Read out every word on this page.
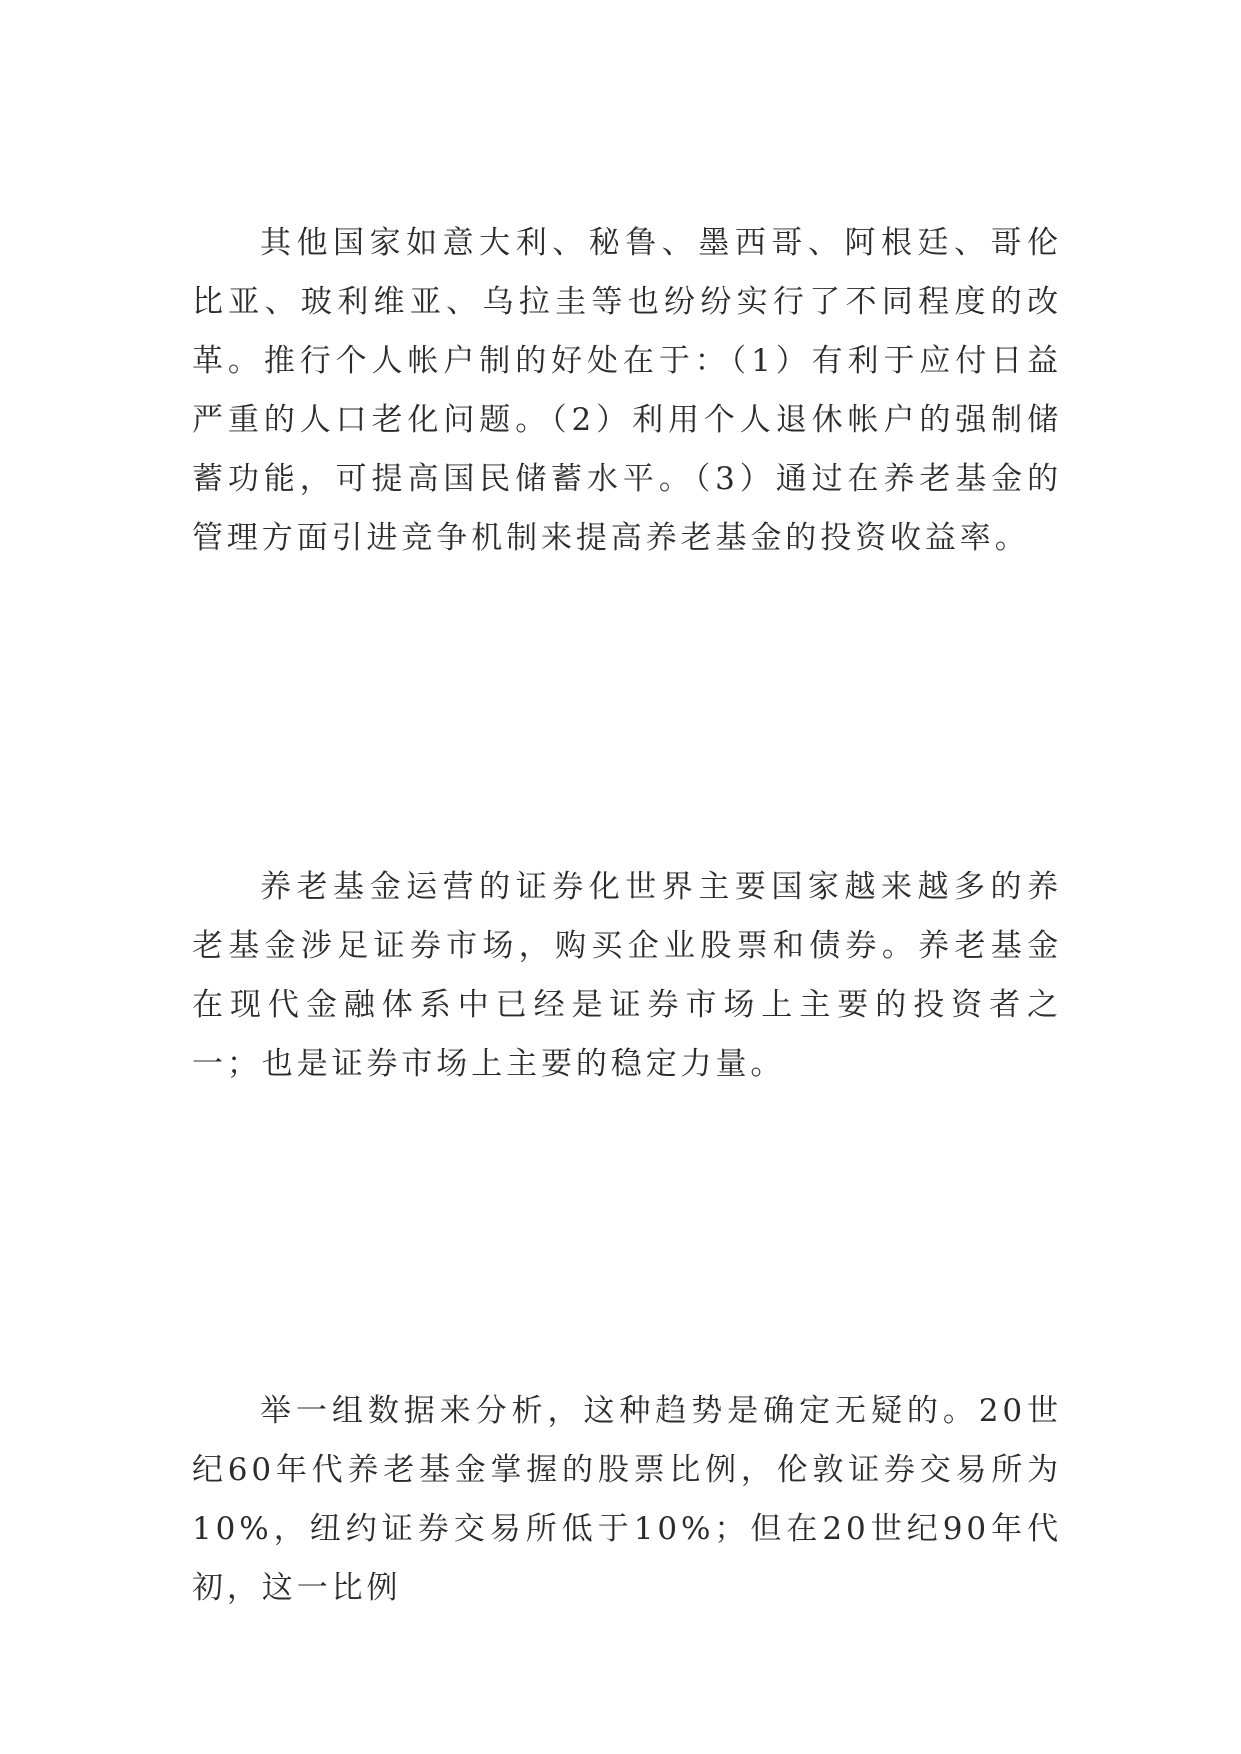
其他国家如意大利、秘鲁、墨西哥、阿根廷、哥伦比亚、玻利维亚、乌拉圭等也纷纷实行了不同程度的改革。推行个人帐户制的好处在于：（1）有利于应付日益严重的人口老化问题。（2）利用个人退休帐户的强制储蓄功能，可提高国民储蓄水平。（3）通过在养老基金的管理方面引进竞争机制来提高养老基金的投资收益率。

养老基金运营的证券化世界主要国家越来越多的养老基金涉足证券市场，购买企业股票和债券。养老基金在现代金融体系中已经是证券市场上主要的投资者之一；也是证券市场上主要的稳定力量。

举一组数据来分析，这种趋势是确定无疑的。20世纪60年代养老基金掌握的股票比例，伦敦证券交易所为10%，纽约证券交易所低于10%；但在20世纪90年代初，这一比例
